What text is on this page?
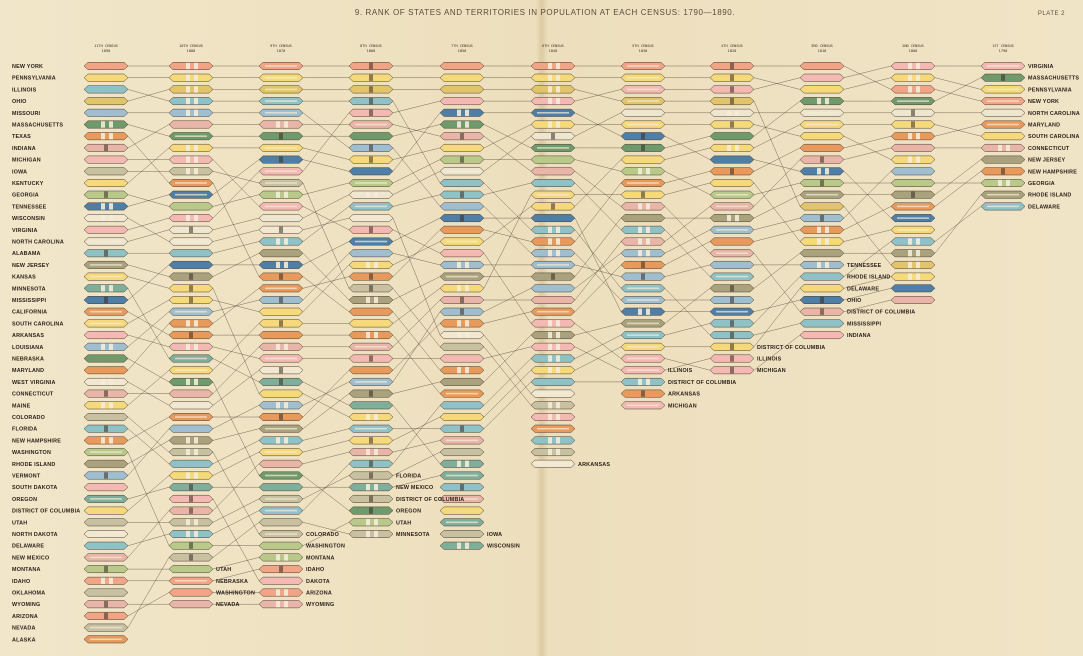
9. RANK OF STATES AND TERRITORIES IN POPULATION AT EACH CENSUS: 1790—1890.	PLATE 2
NEW YORK
PENNSYLVANIA
ILLINOIS
OHIO
MISSOURI
MASSACHUSETTS
TEXAS
INDIANA
MICHIGAN
IOWA
KENTUCKY
GEORGIA
TENNESSEE
WISCONSIN
VIRGINIA
NORTH CAROLINA
ALABAMA
NEW JERSEY
KANSAS
MINNESOTA
MISSISSIPPI
CALIFORNIA
SOUTH CAROLINA
ARKANSAS
LOUISIANA
NEBRASKA
MARYLAND
WEST VIRGINIA
CONNECTICUT
MAINE
COLORADO
FLORIDA
NEW HAMPSHIRE
WASHINGTON
RHODE ISLAND
VERMONT
SOUTH DAKOTA
OREGON
DISTRICT OF COLUMBIA
UTAH
NORTH DAKOTA
DELAWARE
NEW MEXICO
MONTANA
IDAHO
OKLAHOMA
WYOMING
ARIZONA
NEVADA
ALASKA
VIRGINIA
MASSACHUSETTS
PENNSYLVANIA
NEW YORK
NORTH CAROLINA
MARYLAND
SOUTH CAROLINA
CONNECTICUT
NEW JERSEY
NEW HAMPSHIRE
GEORGIA
RHODE ISLAND
DELAWARE
TENNESSEE
RHODE ISLAND
DELAWARE
OHIO
DISTRICT OF COLUMBIA
MISSISSIPPI
INDIANA
DISTRICT OF COLUMBIA
ILLINOIS
MICHIGAN
ILLINOIS
DISTRICT OF COLUMBIA
ARKANSAS
MICHIGAN
ARKANSAS
IOWA
WISCONSIN
FLORIDA
NEW MEXICO
DISTRICT OF COLUMBIA
OREGON
UTAH
MINNESOTA
COLORADO
WASHINGTON
MONTANA
IDAHO
DAKOTA
ARIZONA
WYOMING
UTAH
NEBRASKA
WASHINGTON
NEVADA
11TH CENSUS
1890
10TH CENSUS
1880
9TH CENSUS
1870
8TH CENSUS
1860
7TH CENSUS
1850
6TH CENSUS
1840
5TH CENSUS
1830
4TH CENSUS
1820
3RD CENSUS
1810
2ND CENSUS
1800
1ST CENSUS
1790
